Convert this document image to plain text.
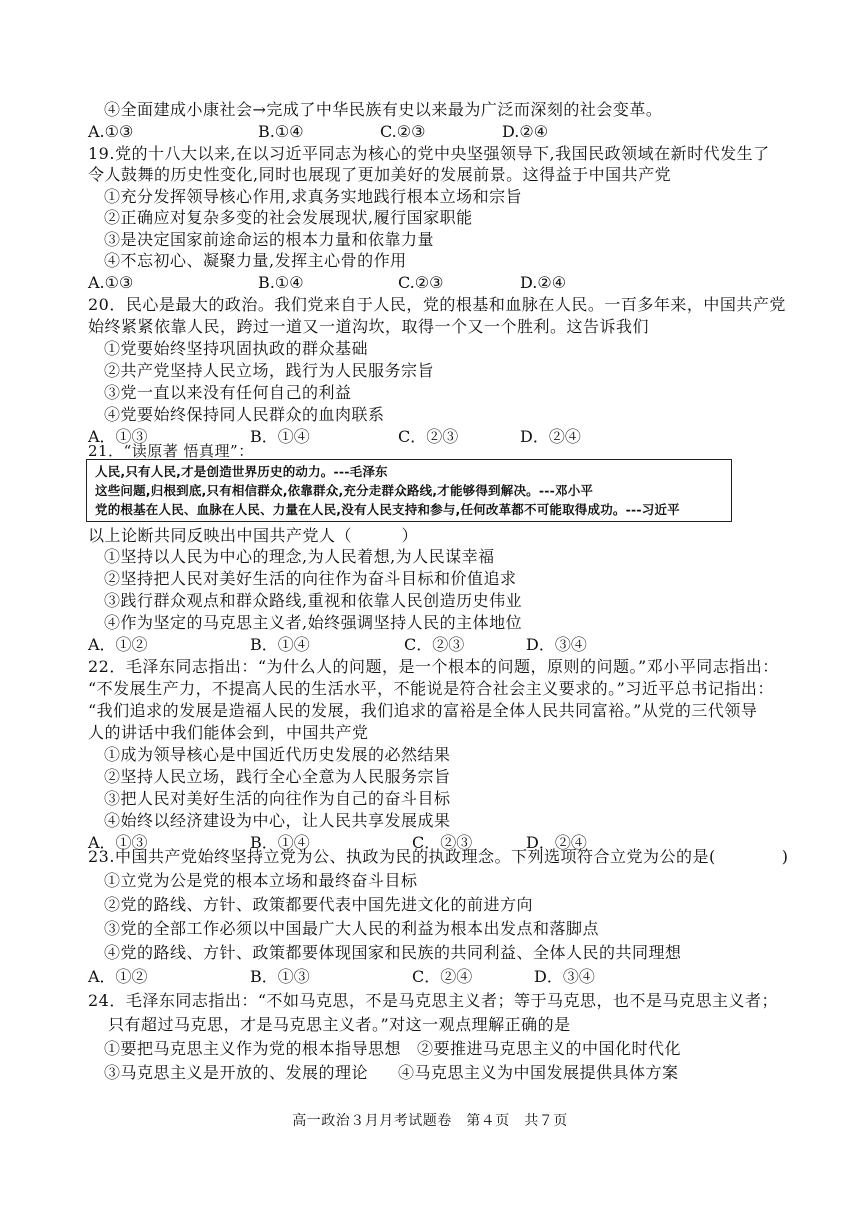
④全面建成小康社会→完成了中华民族有史以来最为广泛而深刻的社会变革。
A.①③	B.①④	C.②③	D.②④
19.党的十八大以来,在以习近平同志为核心的党中央坚强领导下,我国民政领域在新时代发生了
令人鼓舞的历史性变化,同时也展现了更加美好的发展前景。这得益于中国共产党
①充分发挥领导核心作用,求真务实地践行根本立场和宗旨
②正确应对复杂多变的社会发展现状,履行国家职能
③是决定国家前途命运的根本力量和依靠力量
④不忘初心、凝聚力量,发挥主心骨的作用
A.①③	B.①④	C.②③	D.②④
20．民心是最大的政治。我们党来自于人民，党的根基和血脉在人民。一百多年来，中国共产党
始终紧紧依靠人民，跨过一道又一道沟坎，取得一个又一个胜利。这告诉我们
①党要始终坚持巩固执政的群众基础
②共产党坚持人民立场，践行为人民服务宗旨
③党一直以来没有任何自己的利益
④党要始终保持同人民群众的血肉联系
A．①③	B．①④	C．②③	D．②④
21．“读原著 悟真理”：
人民,只有人民,才是创造世界历史的动力。---毛泽东
这些问题,归根到底,只有相信群众,依靠群众,充分走群众路线,才能够得到解决。---邓小平
党的根基在人民、血脉在人民、力量在人民,没有人民支持和参与,任何改革都不可能取得成功。---习近平
以上论断共同反映出中国共产党人（　　　）
①坚持以人民为中心的理念,为人民着想,为人民谋幸福
②坚持把人民对美好生活的向往作为奋斗目标和价值追求
③践行群众观点和群众路线,重视和依靠人民创造历史伟业
④作为坚定的马克思主义者,始终强调坚持人民的主体地位
A．①②	B．①④	C．②③	D．③④
22．毛泽东同志指出：“为什么人的问题，是一个根本的问题，原则的问题。”邓小平同志指出：
“不发展生产力，不提高人民的生活水平，不能说是符合社会主义要求的。”习近平总书记指出：
“我们追求的发展是造福人民的发展，我们追求的富裕是全体人民共同富裕。”从党的三代领导
人的讲话中我们能体会到，中国共产党
①成为领导核心是中国近代历史发展的必然结果
②坚持人民立场，践行全心全意为人民服务宗旨
③把人民对美好生活的向往作为自己的奋斗目标
④始终以经济建设为中心，让人民共享发展成果
A．①③	B．①④	C．②③	D．②④
23.中国共产党始终坚持立党为公、执政为民的执政理念。下列选项符合立党为公的是(　　　　)
①立党为公是党的根本立场和最终奋斗目标
②党的路线、方针、政策都要代表中国先进文化的前进方向
③党的全部工作必须以中国最广大人民的利益为根本出发点和落脚点
④党的路线、方针、政策都要体现国家和民族的共同利益、全体人民的共同理想
A．①②	B．①③	C．②④	D．③④
24．毛泽东同志指出：“不如马克思，不是马克思主义者；等于马克思，也不是马克思主义者；
只有超过马克思，才是马克思主义者。”对这一观点理解正确的是
①要把马克思主义作为党的根本指导思想 ②要推进马克思主义的中国化时代化
③马克思主义是开放的、发展的理论 ④马克思主义为中国发展提供具体方案
高一政治３月月考试题卷　第４页　共７页
